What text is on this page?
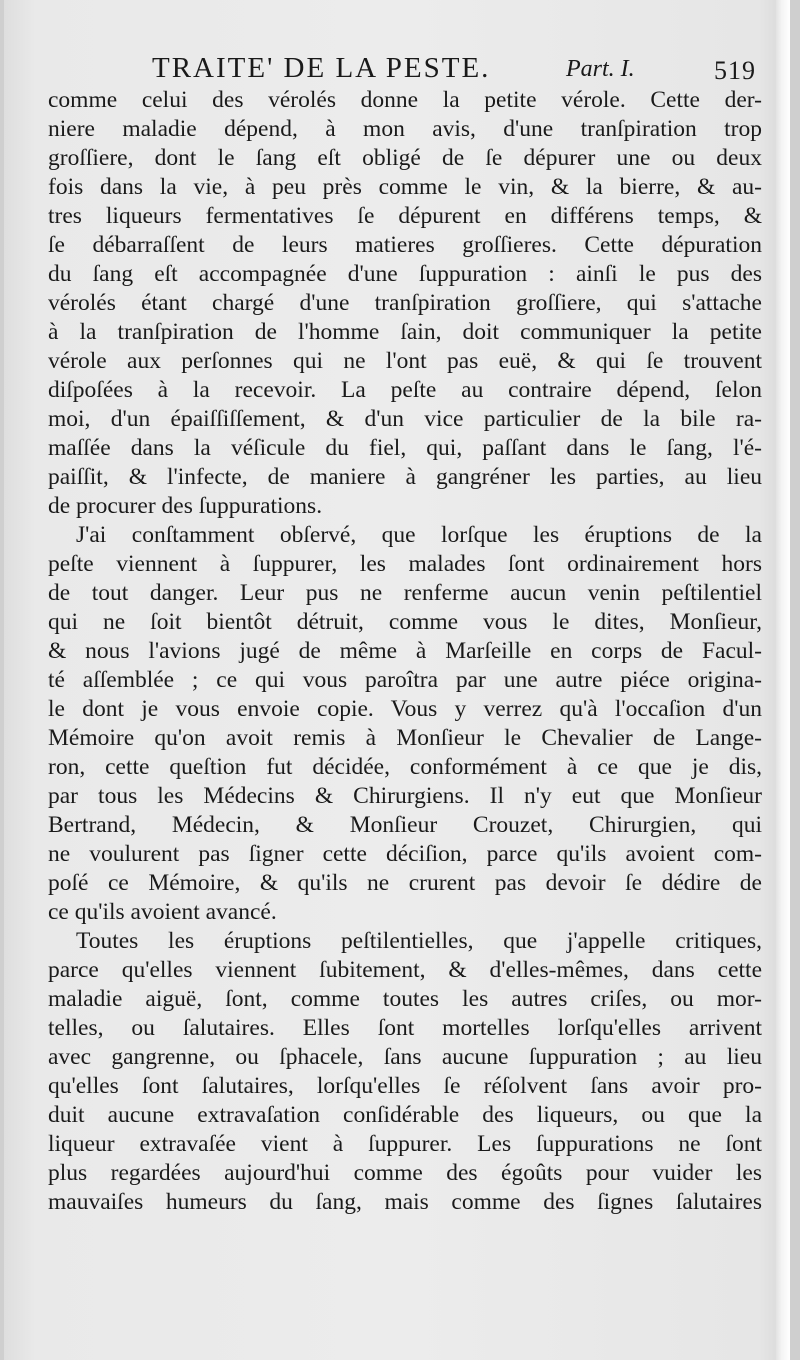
TRAITE' DE LA PESTE.	Part. I.	519
comme celui des vérolés donne la petite vérole. Cette der-
niere maladie dépend, à mon avis, d'une tranſpiration trop
groſſiere, dont le ſang eſt obligé de ſe dépurer une ou deux
fois dans la vie, à peu près comme le vin, & la bierre, & au-
tres liqueurs fermentatives ſe dépurent en différens temps, &
ſe débarraſſent de leurs matieres groſſieres. Cette dépuration
du ſang eſt accompagnée d'une ſuppuration : ainſi le pus des
vérolés étant chargé d'une tranſpiration groſſiere, qui s'attache
à la tranſpiration de l'homme ſain, doit communiquer la petite
vérole aux perſonnes qui ne l'ont pas euë, & qui ſe trouvent
diſpoſées à la recevoir. La peſte au contraire dépend, ſelon
moi, d'un épaiſſiſſement, & d'un vice particulier de la bile ra-
maſſée dans la véſicule du fiel, qui, paſſant dans le ſang, l'é-
paiſſit, & l'infecte, de maniere à gangréner les parties, au lieu
de procurer des ſuppurations.
J'ai conſtamment obſervé, que lorſque les éruptions de la
peſte viennent à ſuppurer, les malades ſont ordinairement hors
de tout danger. Leur pus ne renferme aucun venin peſtilentiel
qui ne ſoit bientôt détruit, comme vous le dites, Monſieur,
& nous l'avions jugé de même à Marſeille en corps de Facul-
té aſſemblée ; ce qui vous paroîtra par une autre piéce origina-
le dont je vous envoie copie. Vous y verrez qu'à l'occaſion d'un
Mémoire qu'on avoit remis à Monſieur le Chevalier de Lange-
ron, cette queſtion fut décidée, conformément à ce que je dis,
par tous les Médecins & Chirurgiens. Il n'y eut que Monſieur
Bertrand, Médecin, & Monſieur Crouzet, Chirurgien, qui
ne voulurent pas ſigner cette déciſion, parce qu'ils avoient com-
poſé ce Mémoire, & qu'ils ne crurent pas devoir ſe dédire de
ce qu'ils avoient avancé.
Toutes les éruptions peſtilentielles, que j'appelle critiques,
parce qu'elles viennent ſubitement, & d'elles-mêmes, dans cette
maladie aiguë, ſont, comme toutes les autres criſes, ou mor-
telles, ou ſalutaires. Elles ſont mortelles lorſqu'elles arrivent
avec gangrenne, ou ſphacele, ſans aucune ſuppuration ; au lieu
qu'elles ſont ſalutaires, lorſqu'elles ſe réſolvent ſans avoir pro-
duit aucune extravaſation conſidérable des liqueurs, ou que la
liqueur extravaſée vient à ſuppurer. Les ſuppurations ne ſont
plus regardées aujourd'hui comme des égoûts pour vuider les
mauvaiſes humeurs du ſang, mais comme des ſignes ſalutaires
